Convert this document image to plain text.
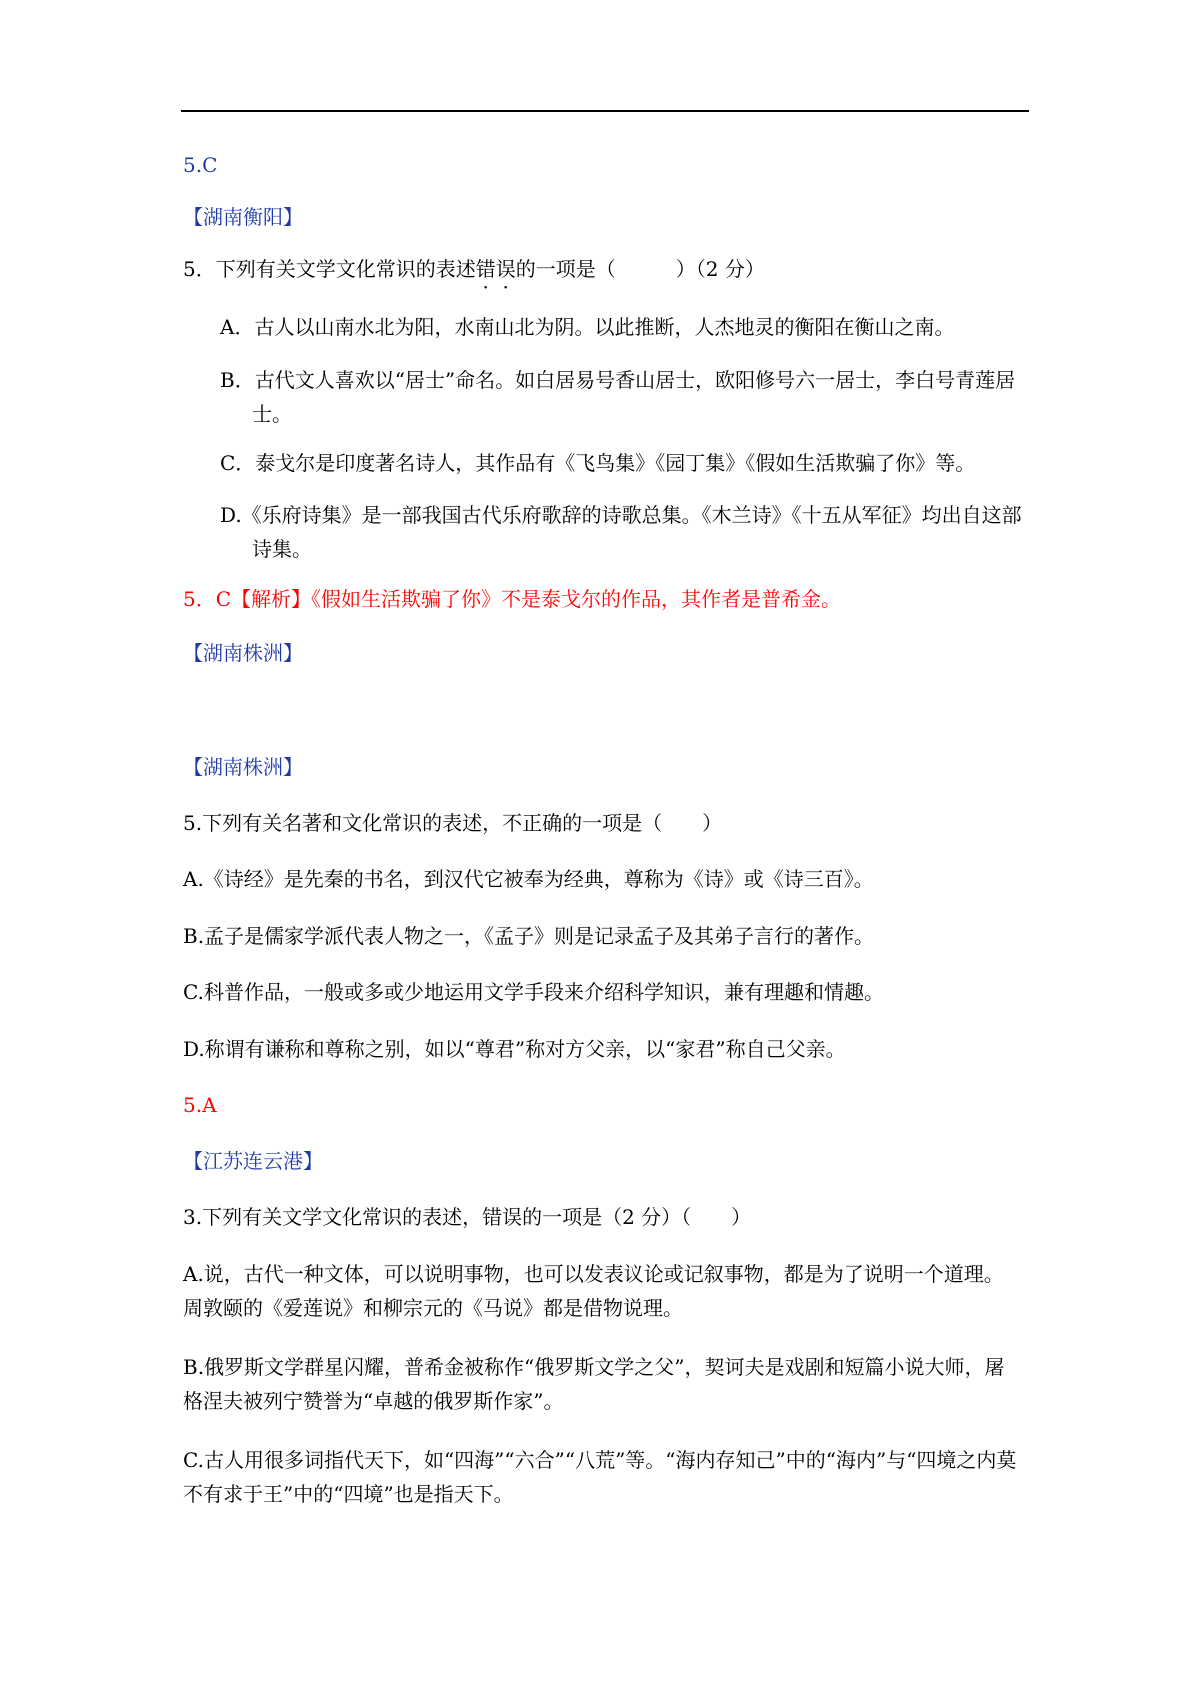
5.C
【湖南衡阳】
5．下列有关文学文化常识的表述错误的一项是（　　　）（2 分）
A．古人以山南水北为阳，水南山北为阴。以此推断，人杰地灵的衡阳在衡山之南。
B．古代文人喜欢以“居士”命名。如白居易号香山居士，欧阳修号六一居士，李白号青莲居士。
C．泰戈尔是印度著名诗人，其作品有《飞鸟集》《园丁集》《假如生活欺骗了你》等。
D.《乐府诗集》是一部我国古代乐府歌辞的诗歌总集。《木兰诗》《十五从军征》均出自这部诗集。
5．C【解析】《假如生活欺骗了你》不是泰戈尔的作品，其作者是普希金。
【湖南株洲】
【湖南株洲】
5.下列有关名著和文化常识的表述，不正确的一项是（　　）
A.《诗经》是先秦的书名，到汉代它被奉为经典，尊称为《诗》或《诗三百》。
B.孟子是儒家学派代表人物之一，《孟子》则是记录孟子及其弟子言行的著作。
C.科普作品，一般或多或少地运用文学手段来介绍科学知识，兼有理趣和情趣。
D.称谓有谦称和尊称之别，如以“尊君”称对方父亲，以“家君”称自己父亲。
5.A
【江苏连云港】
3.下列有关文学文化常识的表述，错误的一项是（2 分）（　　）
A.说，古代一种文体，可以说明事物，也可以发表议论或记叙事物，都是为了说明一个道理。周敦颐的《爱莲说》和柳宗元的《马说》都是借物说理。
B.俄罗斯文学群星闪耀，普希金被称作“俄罗斯文学之父”，契诃夫是戏剧和短篇小说大师，屠格涅夫被列宁赞誉为“卓越的俄罗斯作家”。
C.古人用很多词指代天下，如“四海”“六合”“八荒”等。“海内存知己”中的“海内”与“四境之内莫不有求于王”中的“四境”也是指天下。
